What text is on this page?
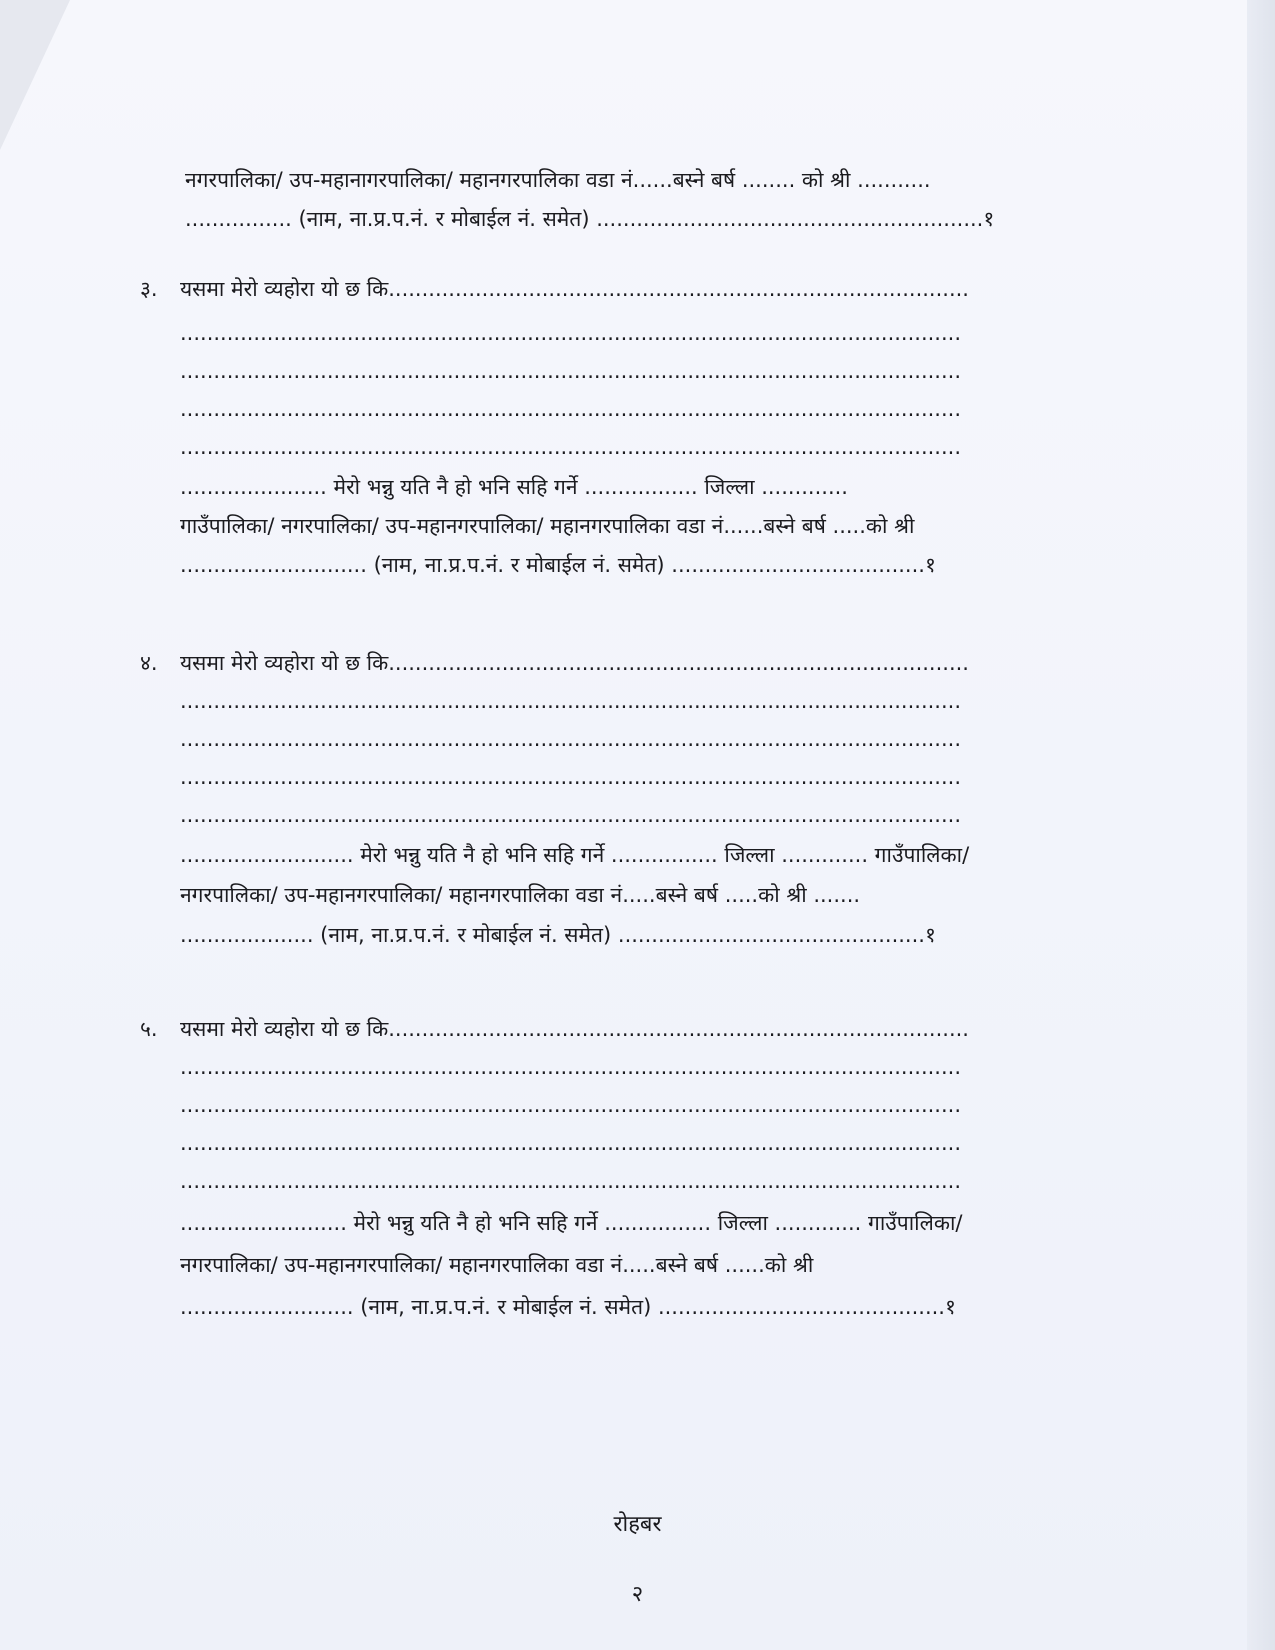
नगरपालिका/ उप-महानागरपालिका/ महानगरपालिका वडा नं......बस्ने बर्ष ........ को श्री ...........
................ (नाम, ना.प्र.प.नं. र मोबाईल नं. समेत) ..........................................................१
३. यसमा मेरो व्यहोरा यो छ कि.......................................................................................
.....................................................................................................................
.....................................................................................................................
.....................................................................................................................
.....................................................................................................................
...................... मेरो भन्नु यति नै हो भनि सहि गर्ने ................. जिल्ला .............
गाउँपालिका/ नगरपालिका/ उप-महानगरपालिका/ महानगरपालिका वडा नं......बस्ने बर्ष .....को श्री
............................ (नाम, ना.प्र.प.नं. र मोबाईल नं. समेत) ......................................१
४. यसमा मेरो व्यहोरा यो छ कि.......................................................................................
.....................................................................................................................
.....................................................................................................................
.....................................................................................................................
.....................................................................................................................
.......................... मेरो भन्नु यति नै हो भनि सहि गर्ने ................ जिल्ला ............. गाउँपालिका/
नगरपालिका/ उप-महानगरपालिका/ महानगरपालिका वडा नं.....बस्ने बर्ष .....को श्री .......
.................... (नाम, ना.प्र.प.नं. र मोबाईल नं. समेत) ..............................................१
५. यसमा मेरो व्यहोरा यो छ कि.......................................................................................
.....................................................................................................................
.....................................................................................................................
.....................................................................................................................
.....................................................................................................................
......................... मेरो भन्नु यति नै हो भनि सहि गर्ने ................ जिल्ला ............. गाउँपालिका/
नगरपालिका/ उप-महानगरपालिका/ महानगरपालिका वडा नं.....बस्ने बर्ष ......को श्री
.......................... (नाम, ना.प्र.प.नं. र मोबाईल नं. समेत) ...........................................१
रोहबर
२
